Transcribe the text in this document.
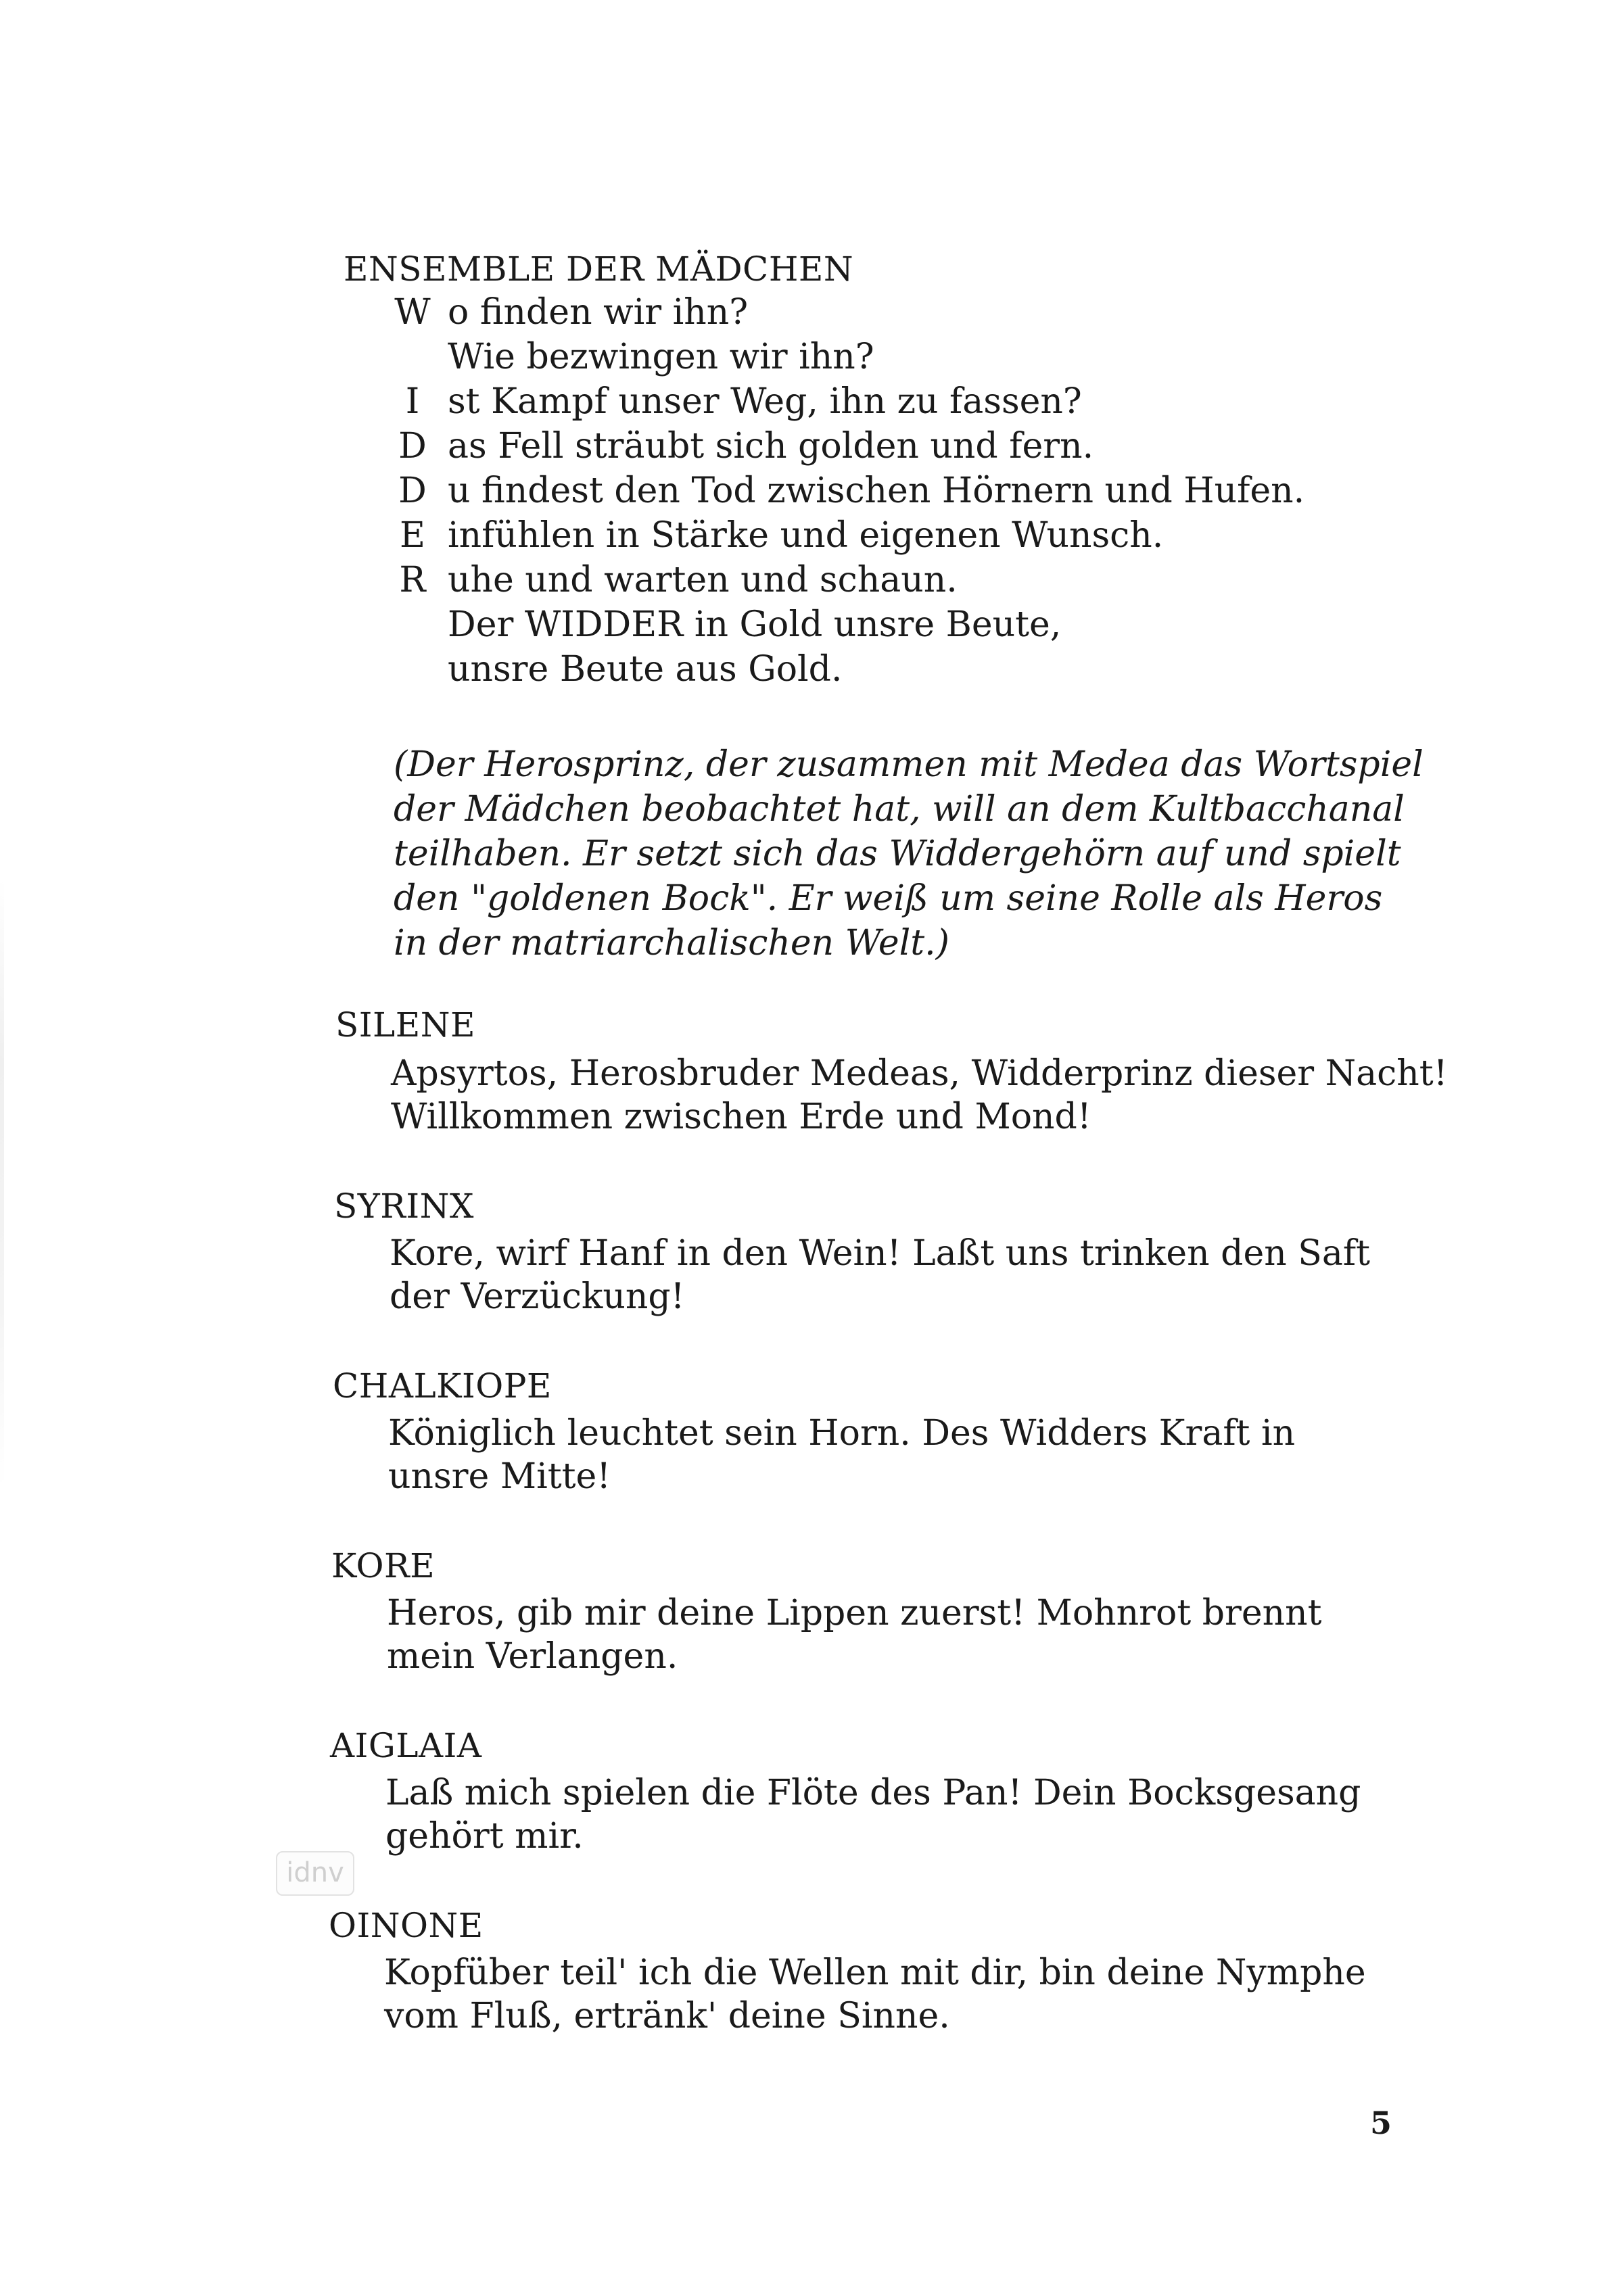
ENSEMBLE DER MÄDCHEN
W o finden wir ihn?
Wie bezwingen wir ihn?
I st Kampf unser Weg, ihn zu fassen?
D as Fell sträubt sich golden und fern.
D u findest den Tod zwischen Hörnern und Hufen.
E infühlen in Stärke und eigenen Wunsch.
R uhe und warten und schaun.
Der WIDDER in Gold unsre Beute,
unsre Beute aus Gold.
(Der Herosprinz, der zusammen mit Medea das Wortspiel
der Mädchen beobachtet hat, will an dem Kultbacchanal
teilhaben. Er setzt sich das Widdergehörn auf und spielt
den "goldenen Bock". Er weiß um seine Rolle als Heros
in der matriarchalischen Welt.)
SILENE
Apsyrtos, Herosbruder Medeas, Widderprinz dieser Nacht!
Willkommen zwischen Erde und Mond!
SYRINX
Kore, wirf Hanf in den Wein! Laßt uns trinken den Saft
der Verzückung!
CHALKIOPE
Königlich leuchtet sein Horn. Des Widders Kraft in
unsre Mitte!
KORE
Heros, gib mir deine Lippen zuerst! Mohnrot brennt
mein Verlangen.
AIGLAIA
Laß mich spielen die Flöte des Pan! Dein Bocksgesang
gehört mir.
OINONE
Kopfüber teil' ich die Wellen mit dir, bin deine Nymphe
vom Fluß, ertränk' deine Sinne.
idnv
5
